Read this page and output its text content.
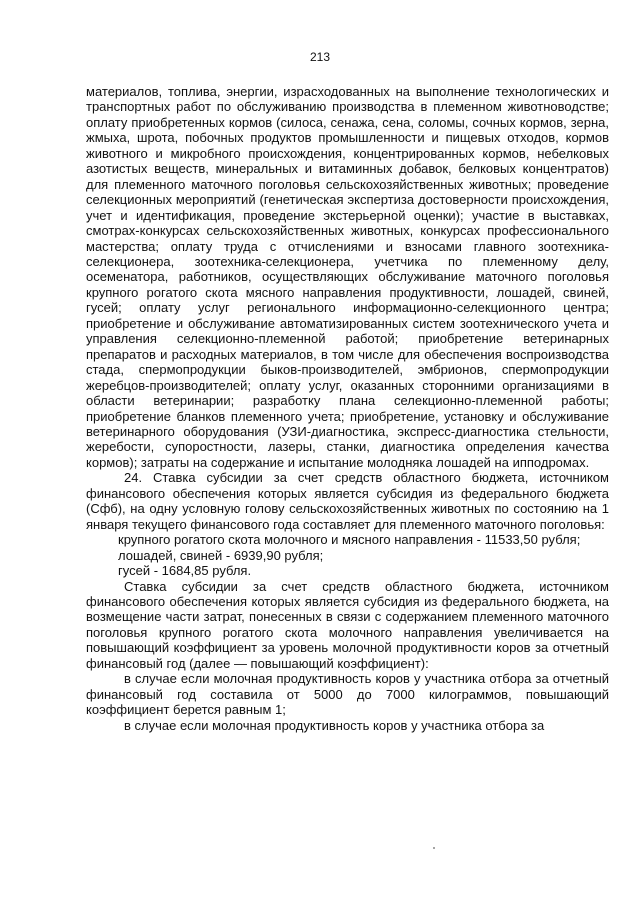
213

материалов, топлива, энергии, израсходованных на выполнение технологических и транспортных работ по обслуживанию производства в племенном животноводстве; оплату приобретенных кормов (силоса, сенажа, сена, соломы, сочных кормов, зерна, жмыха, шрота, побочных продуктов промышленности и пищевых отходов, кормов животного и микробного происхождения, концентрированных кормов, небелковых азотистых веществ, минеральных и витаминных добавок, белковых концентратов) для племенного маточного поголовья сельскохозяйственных животных; проведение селекционных мероприятий (генетическая экспертиза достоверности происхождения, учет и идентификация, проведение экстерьерной оценки); участие в выставках, смотрах-конкурсах сельскохозяйственных животных, конкурсах профессионального мастерства; оплату труда с отчислениями и взносами главного зоотехника-селекционера, зоотехника-селекционера, учетчика по племенному делу, осеменатора, работников, осуществляющих обслуживание маточного поголовья крупного рогатого скота мясного направления продуктивности, лошадей, свиней, гусей; оплату услуг регионального информационно-селекционного центра; приобретение и обслуживание автоматизированных систем зоотехнического учета и управления селекционно-племенной работой; приобретение ветеринарных препаратов и расходных материалов, в том числе для обеспечения воспроизводства стада, спермопродукции быков-производителей, эмбрионов, спермопродукции жеребцов-производителей; оплату услуг, оказанных сторонними организациями в области ветеринарии; разработку плана селекционно-племенной работы; приобретение бланков племенного учета; приобретение, установку и обслуживание ветеринарного оборудования (УЗИ-диагностика, экспресс-диагностика стельности, жеребости, супоростности, лазеры, станки, диагностика определения качества кормов); затраты на содержание и испытание молодняка лошадей на ипподромах.

24. Ставка субсидии за счет средств областного бюджета, источником финансового обеспечения которых является субсидия из федерального бюджета (Сфб), на одну условную голову сельскохозяйственных животных по состоянию на 1 января текущего финансового года составляет для племенного маточного поголовья:

крупного рогатого скота молочного и мясного направления - 11533,50 рубля;

лошадей, свиней - 6939,90 рубля;

гусей - 1684,85 рубля.

Ставка субсидии за счет средств областного бюджета, источником финансового обеспечения которых является субсидия из федерального бюджета, на возмещение части затрат, понесенных в связи с содержанием племенного маточного поголовья крупного рогатого скота молочного направления увеличивается на повышающий коэффициент за уровень молочной продуктивности коров за отчетный финансовый год (далее — повышающий коэффициент):

в случае если молочная продуктивность коров у участника отбора за отчетный финансовый год составила от 5000 до 7000 килограммов, повышающий коэффициент берется равным 1;

в случае если молочная продуктивность коров у участника отбора за
